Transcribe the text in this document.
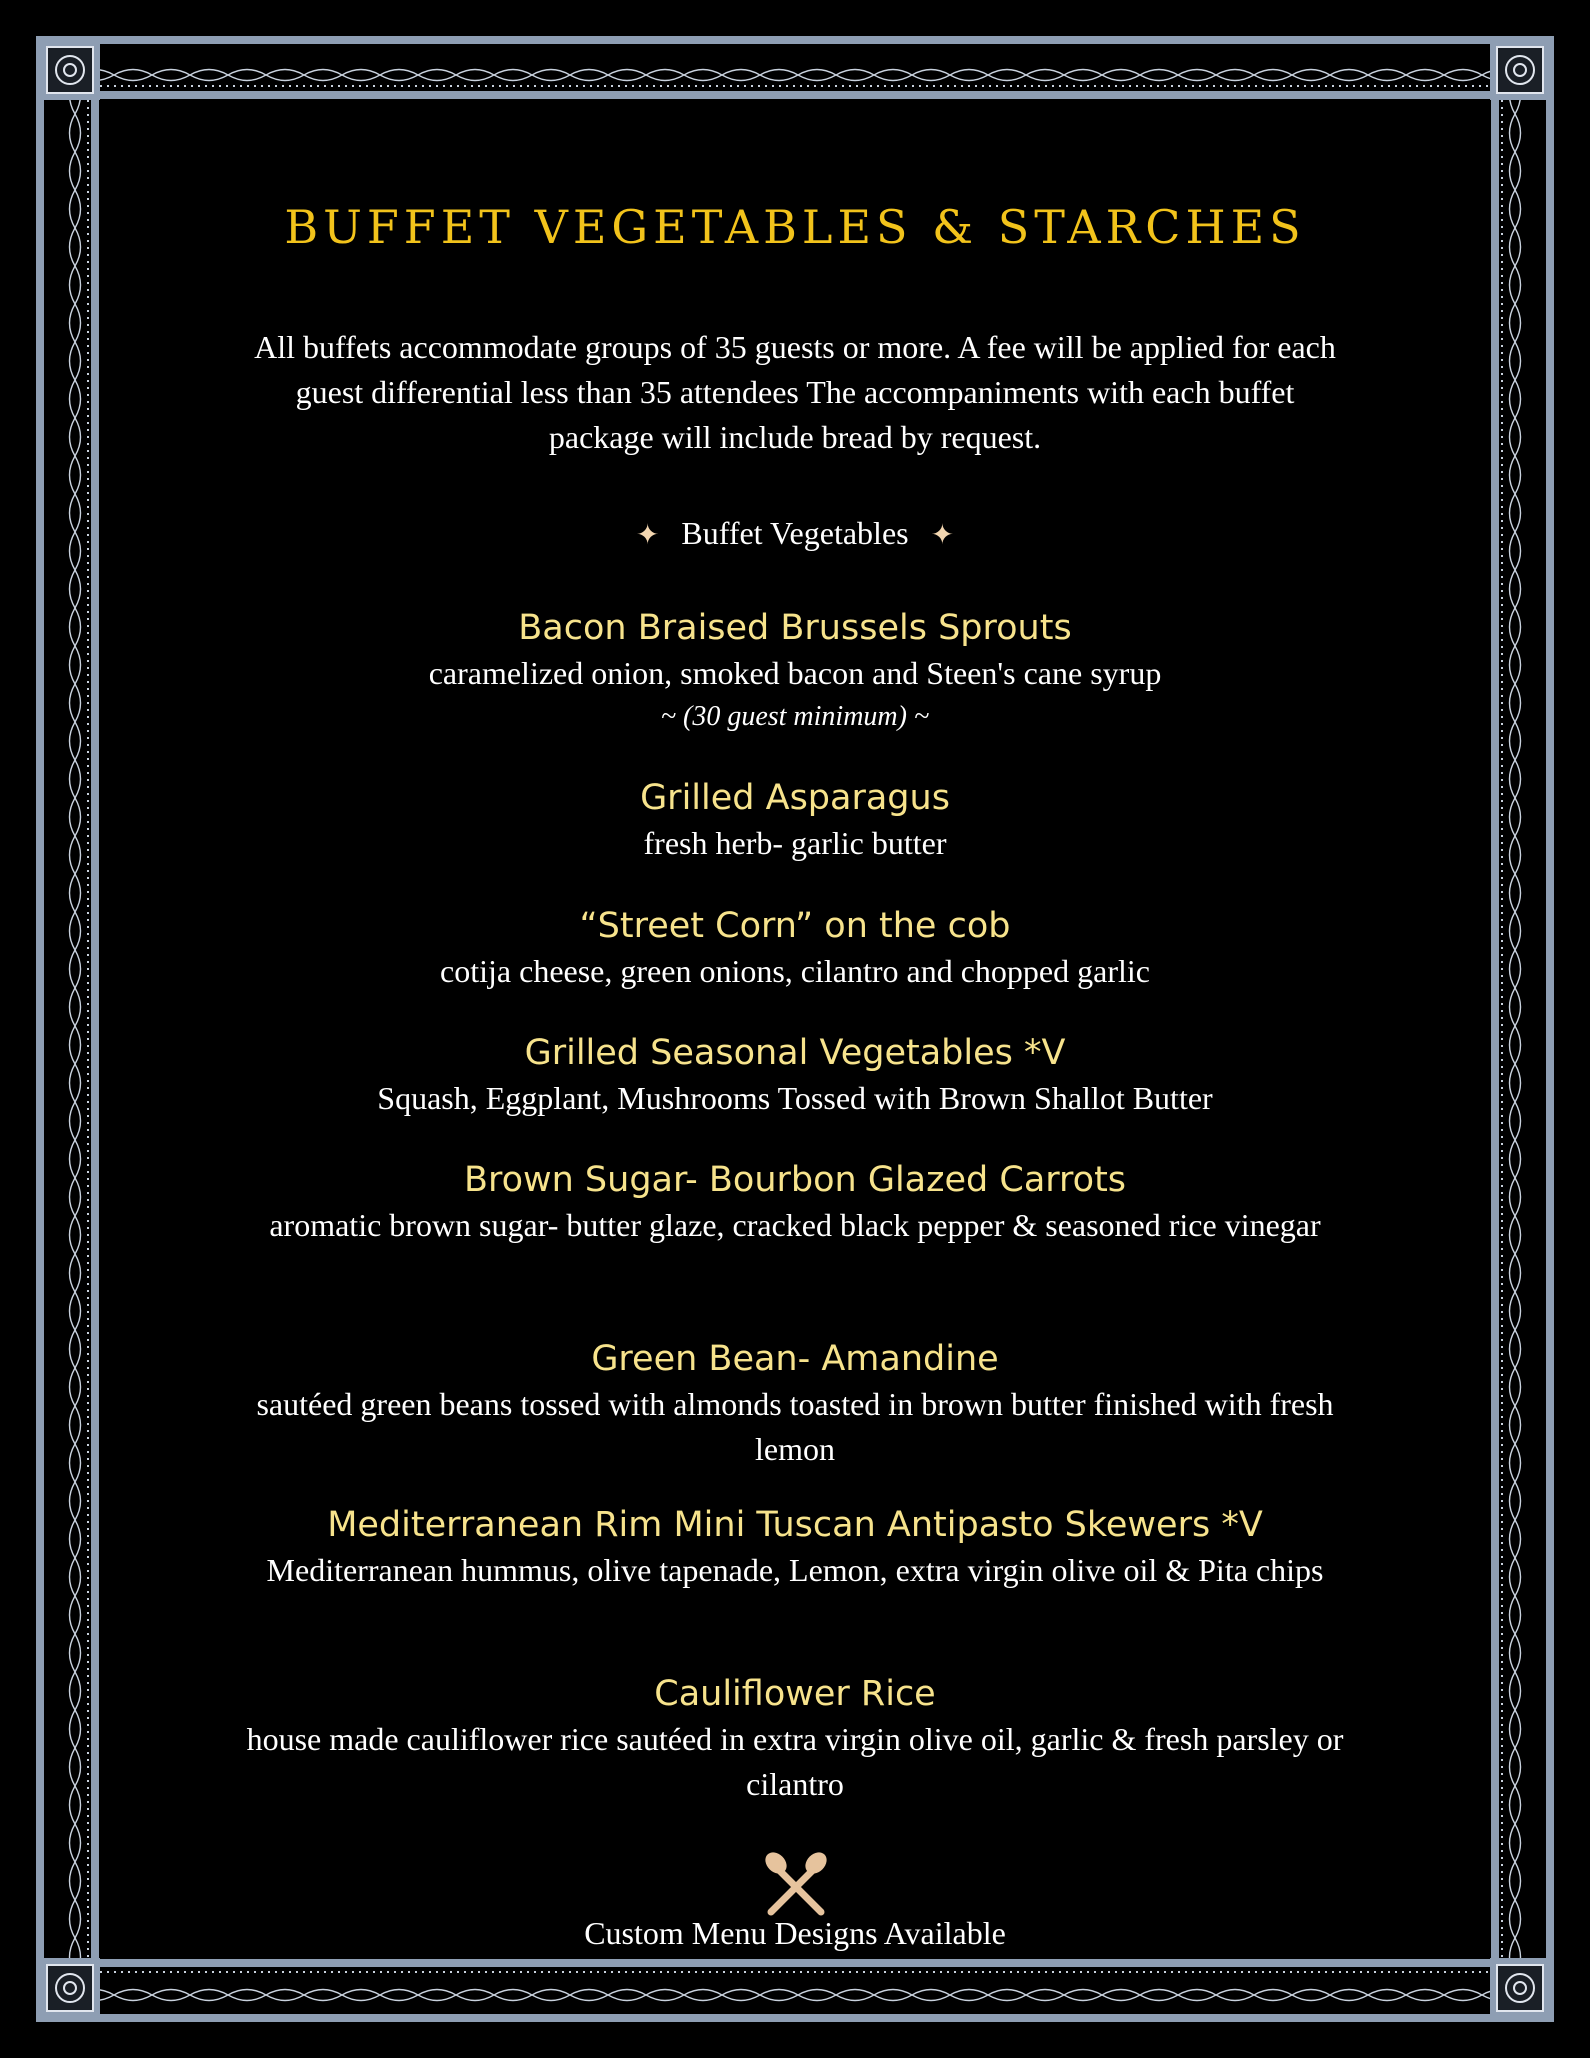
BUFFET VEGETABLES & STARCHES
All buffets accommodate groups of 35 guests or more. A fee will be applied for each guest differential less than 35 attendees The accompaniments with each buffet package will include bread by request.
✦ Buffet Vegetables ✦
Bacon Braised Brussels Sprouts
caramelized onion, smoked bacon and Steen's cane syrup
~ (30 guest minimum) ~
Grilled Asparagus
fresh herb- garlic butter
“Street Corn” on the cob
cotija cheese, green onions, cilantro and chopped garlic
Grilled Seasonal Vegetables *V
Squash, Eggplant, Mushrooms Tossed with Brown Shallot Butter
Brown Sugar- Bourbon Glazed Carrots
aromatic brown sugar- butter glaze, cracked black pepper & seasoned rice vinegar
Green Bean- Amandine
sautéed green beans tossed with almonds toasted in brown butter finished with fresh lemon
Mediterranean Rim Mini Tuscan Antipasto Skewers *V
Mediterranean hummus, olive tapenade, Lemon, extra virgin olive oil & Pita chips
Cauliflower Rice
house made cauliflower rice sautéed in extra virgin olive oil, garlic & fresh parsley or cilantro
Custom Menu Designs Available
